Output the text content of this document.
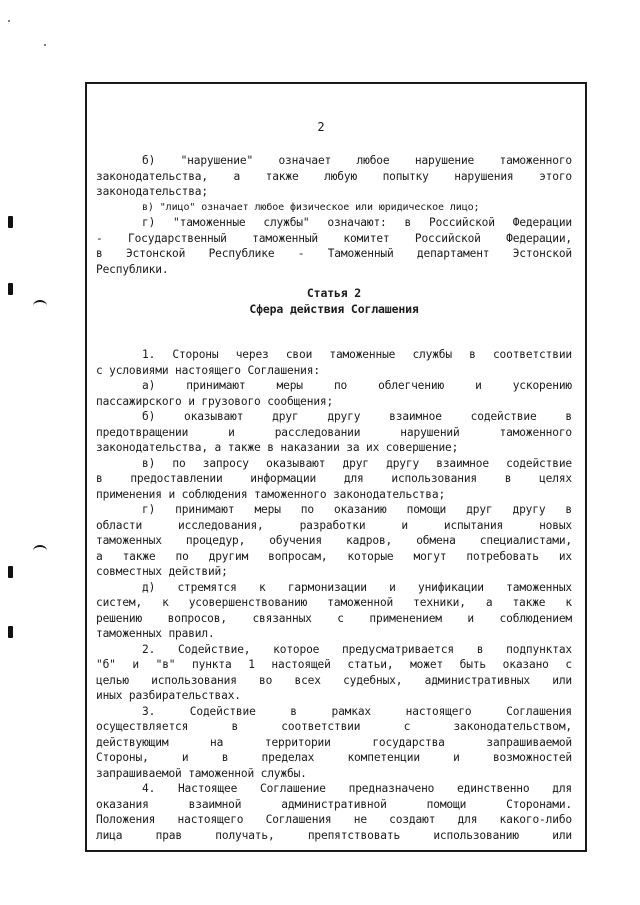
2
б) "нарушение" означает любое нарушение таможенного
законодательства, а также любую попытку нарушения этого
законодательства;
в) "лицо" означает любое физическое или юридическое лицо;
г) "таможенные службы" означают: в Российской Федерации
- Государственный таможенный комитет Российской Федерации,
в Эстонской Республике - Таможенный департамент Эстонской
Республики.
Статья 2
Сфера действия Соглашения
1. Стороны через свои таможенные службы в соответствии
с условиями настоящего Соглашения:
а) принимают меры по облегчению и ускорению
пассажирского и грузового сообщения;
б) оказывают друг другу взаимное содействие в
предотвращении и расследовании нарушений таможенного
законодательства, а также в наказании за их совершение;
в) по запросу оказывают друг другу взаимное содействие
в предоставлении информации для использования в целях
применения и соблюдения таможенного законодательства;
г) принимают меры по оказанию помощи друг другу в
области исследования, разработки и испытания новых
таможенных процедур, обучения кадров, обмена специалистами,
а также по другим вопросам, которые могут потребовать их
совместных действий;
д) стремятся к гармонизации и унификации таможенных
систем, к усовершенствованию таможенной техники, а также к
решению вопросов, связанных с применением и соблюдением
таможенных правил.
2. Содействие, которое предусматривается в подпунктах
"б" и "в" пункта 1 настоящей статьи, может быть оказано с
целью использования во всех судебных, административных или
иных разбирательствах.
3. Содействие в рамках настоящего Соглашения
осуществляется в соответствии с законодательством,
действующим на территории государства запрашиваемой
Стороны, и в пределах компетенции и возможностей
запрашиваемой таможенной службы.
4. Настоящее Соглашение предназначено единственно для
оказания взаимной административной помощи Сторонами.
Положения настоящего Соглашения не создают для какого-либо
лица прав получать, препятствовать использованию или
